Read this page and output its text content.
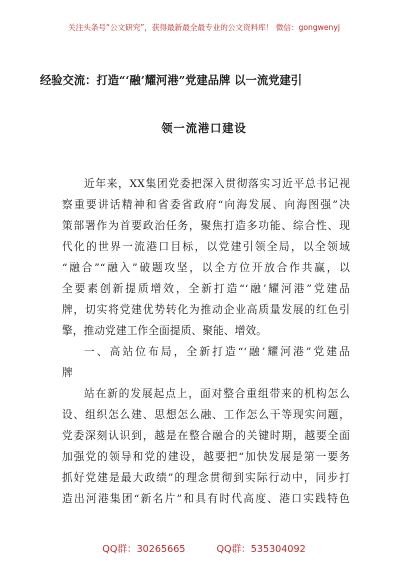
关注头条号“公文研究”，获得最新最全最专业的公文资料库！ 微信：gongwenyj
经验交流：打造“‘融’耀河港”党建品牌 以一流党建引
领一流港口建设
近年来，XX集团党委把深入贯彻落实习近平总书记视
察重要讲话精神和省委省政府“向海发展、向海图强”决
策部署作为首要政治任务，聚焦打造多功能、综合性、现
代化的世界一流港口目标，以党建引领全局，以全领域
“融合”“融入”破题攻坚，以全方位开放合作共赢，以
全要素创新提质增效，全新打造“‘融’耀河港”党建品
牌，切实将党建优势转化为推动企业高质量发展的红色引
擎，推动党建工作全面提质、聚能、增效。
一、高站位布局，全新打造“‘融’耀河港”党建品
牌
站在新的发展起点上，面对整合重组带来的机构怎么
设、组织怎么建、思想怎么融、工作怎么干等现实问题，
党委深刻认识到，越是在整合融合的关键时期，越要全面
加强党的领导和党的建设，越要把“加快发展是第一要务
抓好党建是最大政绩”的理念贯彻到实际行动中，同步打
造出河港集团“新名片”和具有时代高度、港口实践特色
QQ群：30265665	QQ群：535304092
